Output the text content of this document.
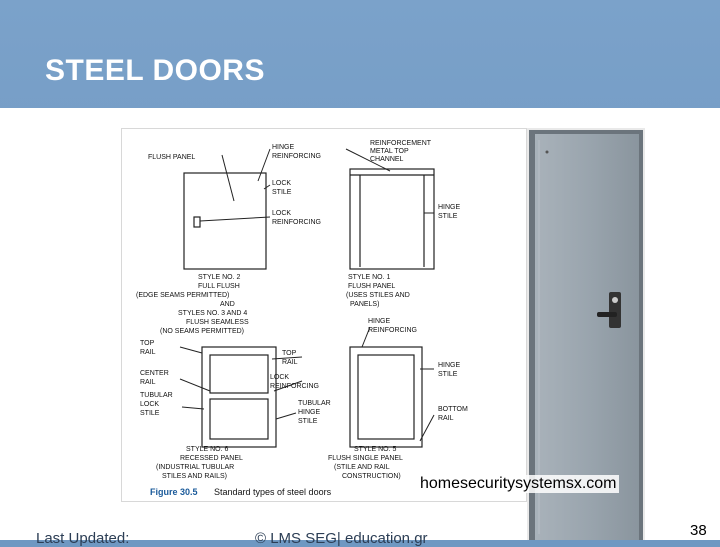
STEEL DOORS
FLUSH PANEL
HINGE
REINFORCING
LOCK
STILE
LOCK
REINFORCING
REINFORCEMENT
METAL TOP
CHANNEL
HINGE
STILE
STYLE NO. 2
FULL FLUSH
(EDGE SEAMS PERMITTED)
AND
STYLES NO. 3 AND 4
FLUSH SEAMLESS
(NO SEAMS PERMITTED)
STYLE NO. 1
FLUSH PANEL
(USES STILES AND
PANELS)
TOP
RAIL
CENTER
RAIL
TUBULAR
LOCK
STILE
TOP
RAIL
LOCK
REINFORCING
TUBULAR
HINGE
STILE
HINGE
REINFORCING
HINGE
STILE
BOTTOM
RAIL
STYLE NO. 6
RECESSED PANEL
(INDUSTRIAL TUBULAR
STILES AND RAILS)
STYLE NO. 5
FLUSH SINGLE PANEL
(STILE AND RAIL
CONSTRUCTION)
Figure 30.5 Standard types of steel doors	homesecuritysystemsx.com
Last Updated:	© LMS SEG| education.gr	38
